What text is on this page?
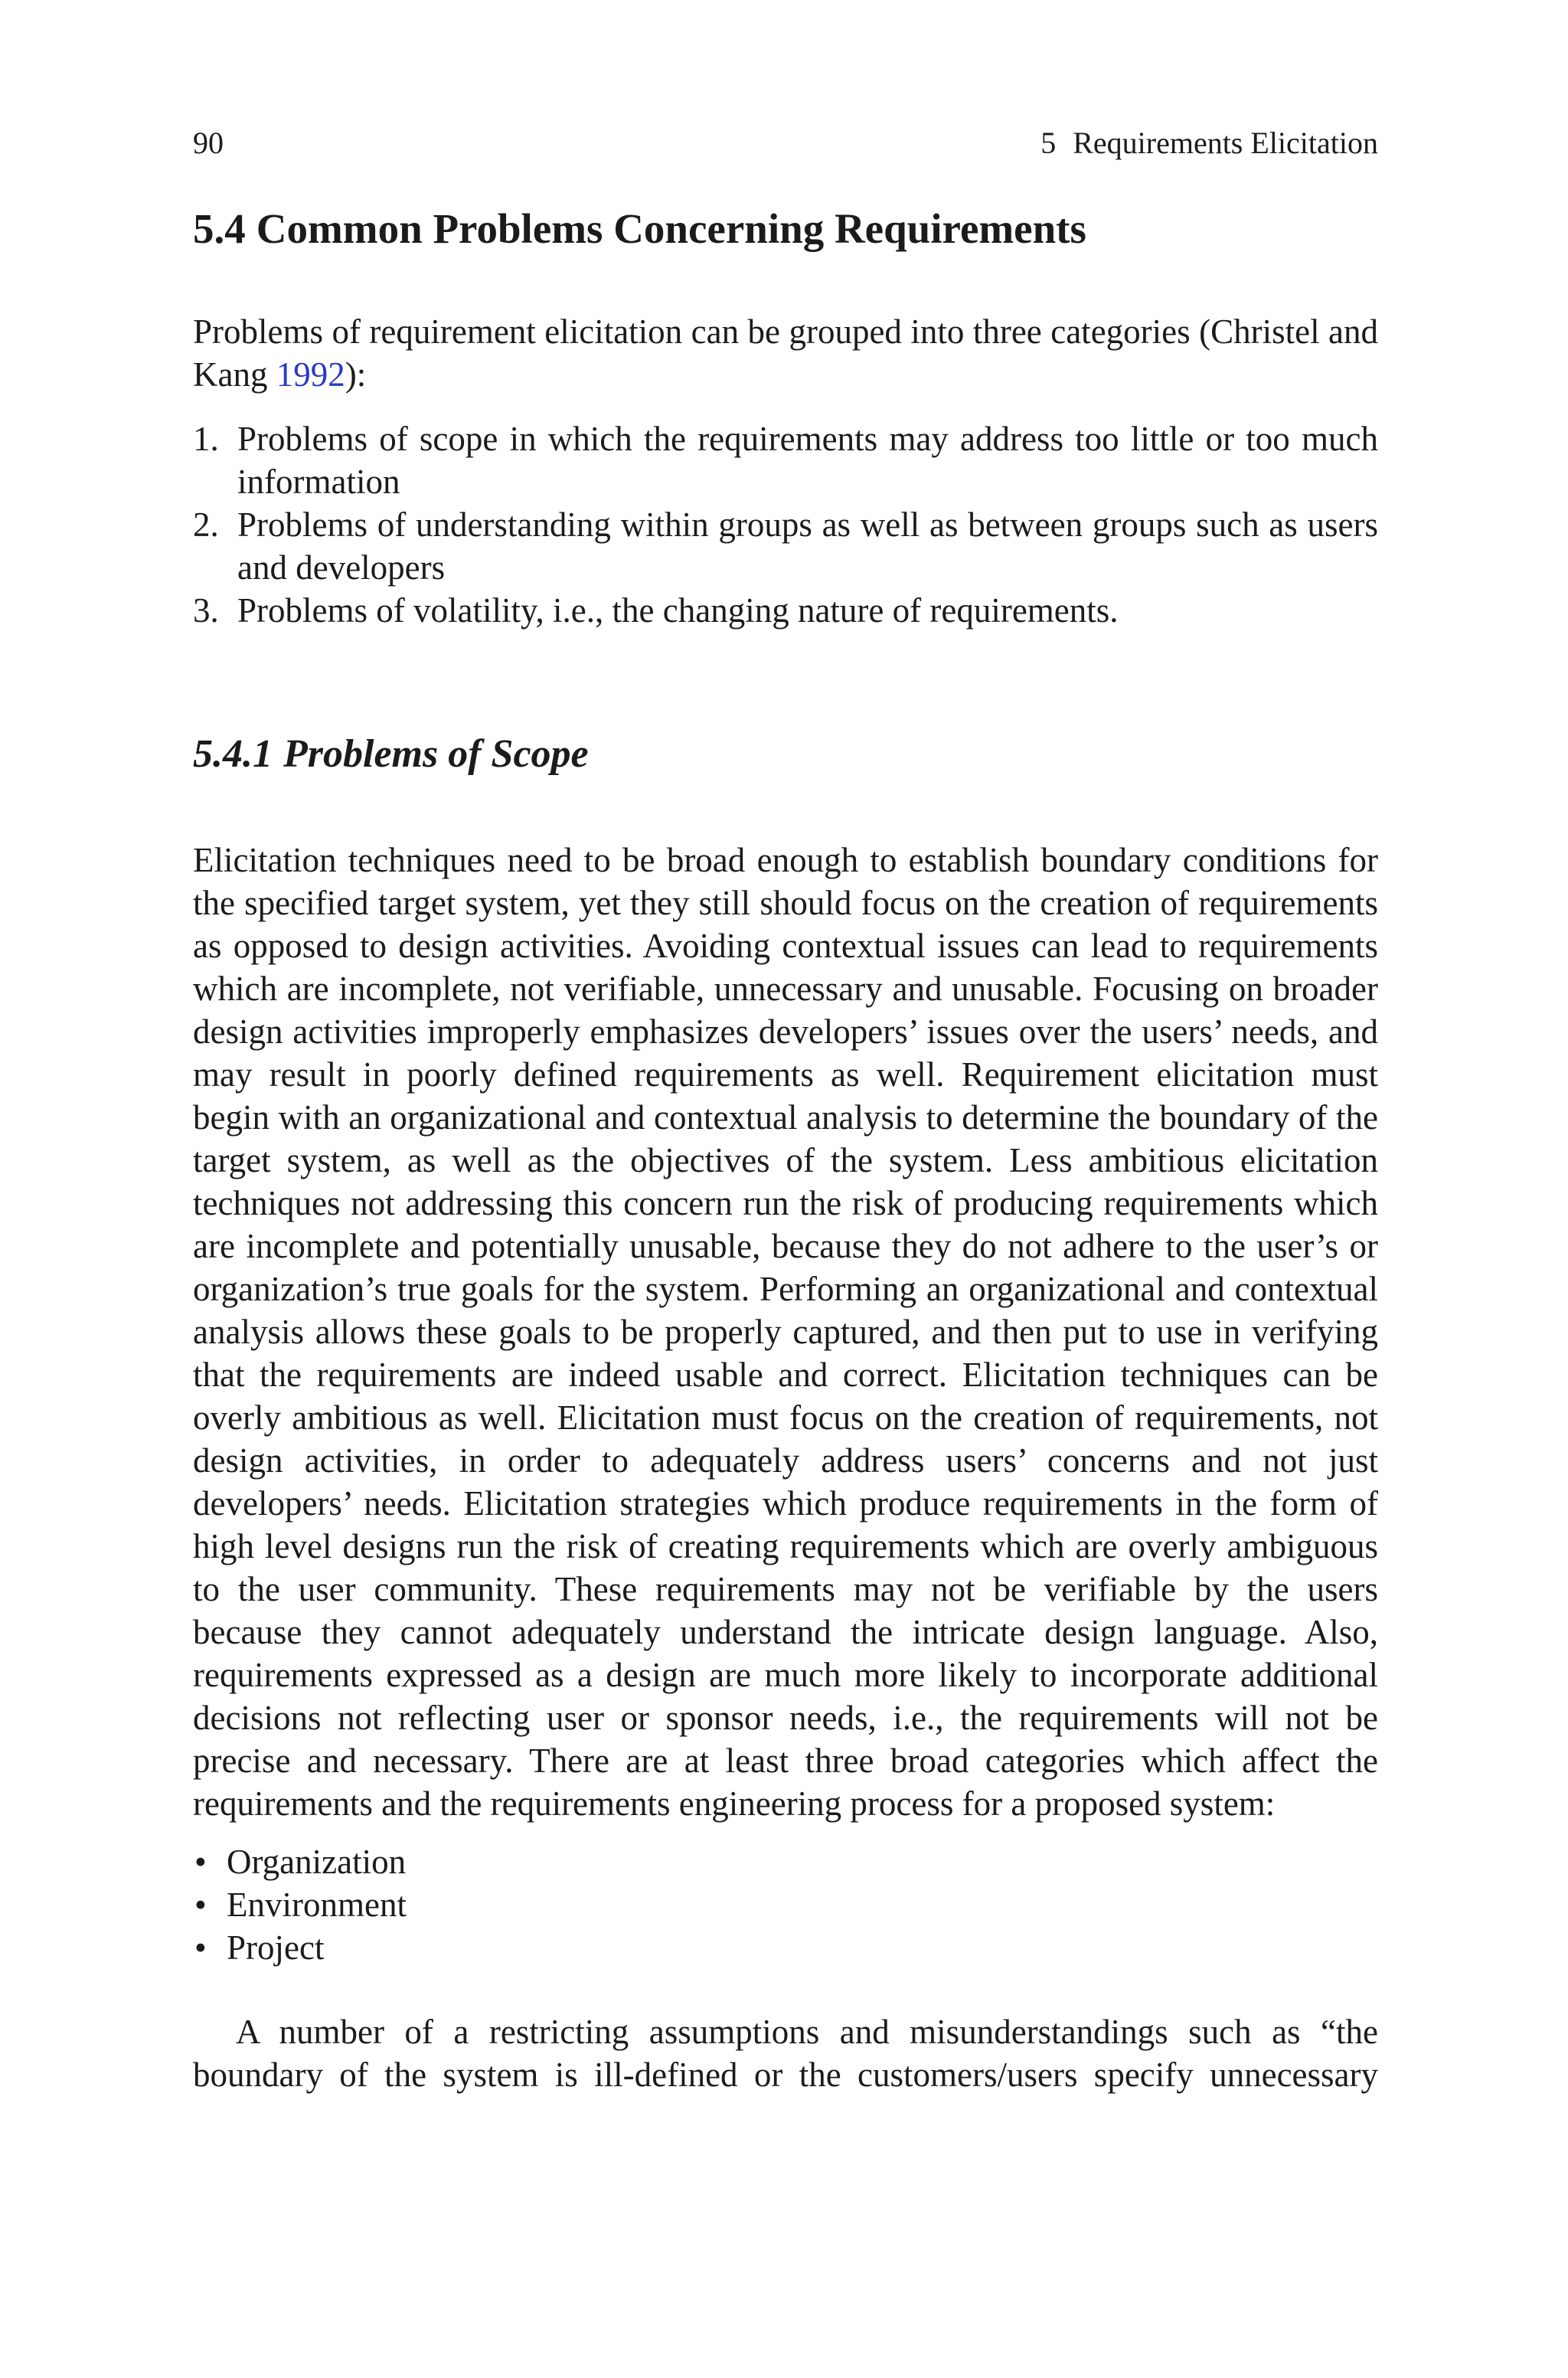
90	5 Requirements Elicitation
5.4 Common Problems Concerning Requirements

Problems of requirement elicitation can be grouped into three categories (Christel and Kang 1992):

1. Problems of scope in which the requirements may address too little or too much information
2. Problems of understanding within groups as well as between groups such as users and developers
3. Problems of volatility, i.e., the changing nature of requirements.
5.4.1 Problems of Scope

Elicitation techniques need to be broad enough to establish boundary conditions for the specified target system, yet they still should focus on the creation of requirements as opposed to design activities. Avoiding contextual issues can lead to requirements which are incomplete, not verifiable, unnecessary and unusable. Focusing on broader design activities improperly emphasizes developers’ issues over the users’ needs, and may result in poorly defined requirements as well. Requirement elicitation must begin with an organizational and contextual analysis to determine the boundary of the target system, as well as the objectives of the system. Less ambitious elicitation techniques not addressing this concern run the risk of producing requirements which are incomplete and potentially unusable, because they do not adhere to the user’s or organization’s true goals for the system. Performing an organizational and contextual analysis allows these goals to be properly captured, and then put to use in verifying that the requirements are indeed usable and correct. Elicitation techniques can be overly ambitious as well. Elicitation must focus on the creation of requirements, not design activities, in order to adequately address users’ concerns and not just developers’ needs. Elicitation strategies which produce requirements in the form of high level designs run the risk of creating requirements which are overly ambiguous to the user community. These requirements may not be verifiable by the users because they cannot adequately understand the intricate design language. Also, requirements expressed as a design are much more likely to incorporate additional decisions not reflecting user or sponsor needs, i.e., the requirements will not be precise and necessary. There are at least three broad categories which affect the requirements and the requirements engineering process for a proposed system:

• Organization
• Environment
• Project

A number of a restricting assumptions and misunderstandings such as “the boundary of the system is ill-defined or the customers/users specify unnecessary
